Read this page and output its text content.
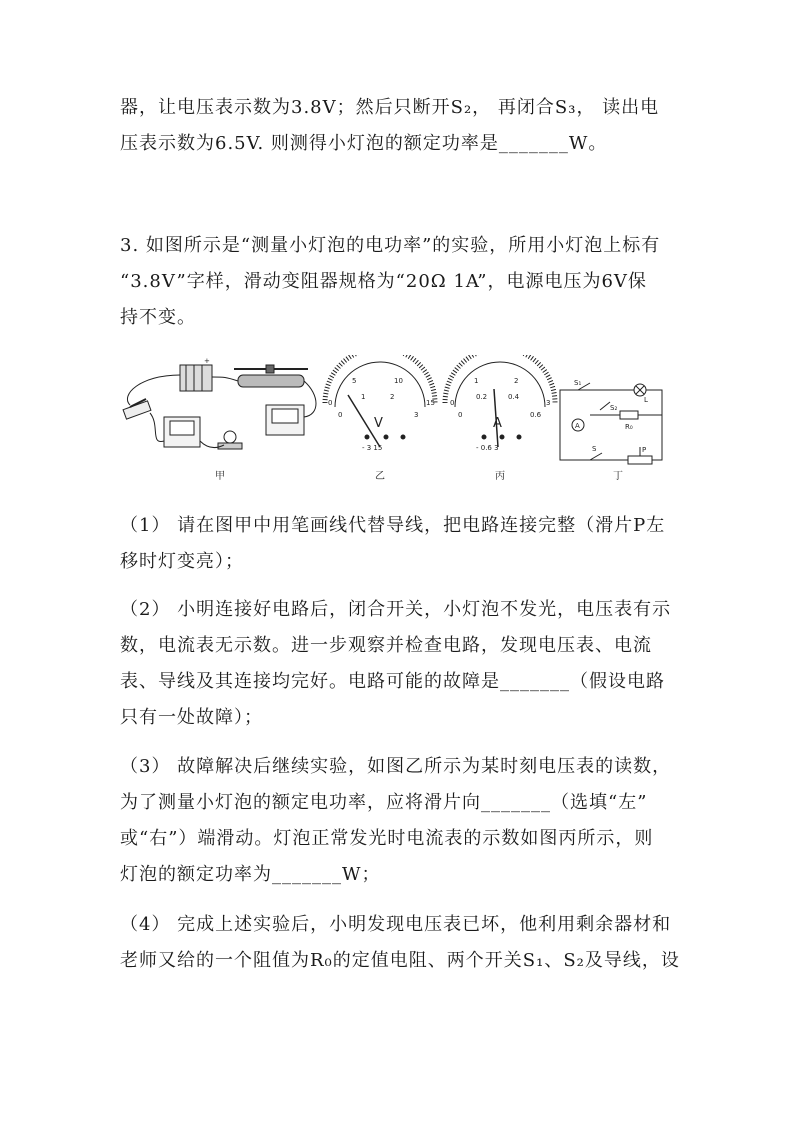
器，让电压表示数为3.8V；然后只断开S₂， 再闭合S₃， 读出电
压表示数为6.5V. 则测得小灯泡的额定功率是_______W。
3. 如图所示是“测量小灯泡的电功率”的实验，所用小灯泡上标有
“3.8V”字样，滑动变阻器规格为“20Ω 1A”，电源电压为6V保
持不变。
+
甲
0
5	10
15
0
1	2
3
V
- 3 15
乙
0
1	2
3
0
0.2	0.4
0.6
A
- 0.6 3
丙
S₁
S₂
S
L
R₀
P
A
丁
（1） 请在图甲中用笔画线代替导线，把电路连接完整（滑片P左
移时灯变亮）；
（2） 小明连接好电路后，闭合开关，小灯泡不发光，电压表有示
数，电流表无示数。进一步观察并检查电路，发现电压表、电流
表、导线及其连接均完好。电路可能的故障是_______（假设电路
只有一处故障）；
（3） 故障解决后继续实验，如图乙所示为某时刻电压表的读数，
为了测量小灯泡的额定电功率，应将滑片向_______（选填“左”
或“右”）端滑动。灯泡正常发光时电流表的示数如图丙所示，则
灯泡的额定功率为_______W；
（4） 完成上述实验后，小明发现电压表已坏，他利用剩余器材和
老师又给的一个阻值为R₀的定值电阻、两个开关S₁、S₂及导线，设
